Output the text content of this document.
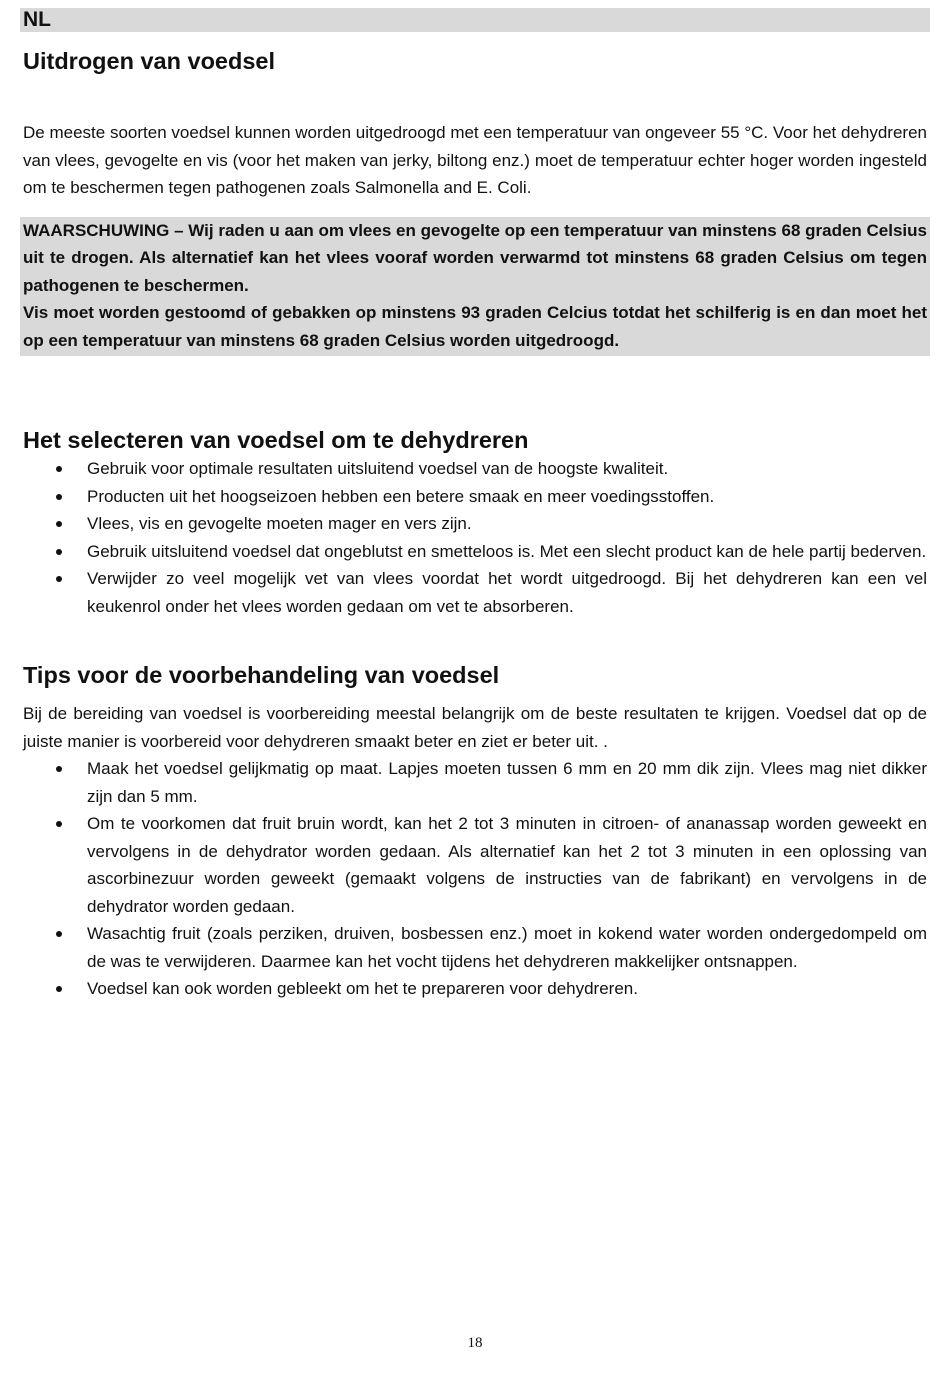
NL
Uitdrogen van voedsel
De meeste soorten voedsel kunnen worden uitgedroogd met een temperatuur van ongeveer 55 °C. Voor het dehydreren van vlees, gevogelte en vis (voor het maken van jerky, biltong enz.) moet de temperatuur echter hoger worden ingesteld om te beschermen tegen pathogenen zoals Salmonella and E. Coli.

WAARSCHUWING – Wij raden u aan om vlees en gevogelte op een temperatuur van minstens 68 graden Celsius uit te drogen. Als alternatief kan het vlees vooraf worden verwarmd tot minstens 68 graden Celsius om tegen pathogenen te beschermen.

Vis moet worden gestoomd of gebakken op minstens 93 graden Celcius totdat het schilferig is en dan moet het op een temperatuur van minstens 68 graden Celsius worden uitgedroogd.

Het selecteren van voedsel om te dehydreren
Gebruik voor optimale resultaten uitsluitend voedsel van de hoogste kwaliteit.
Producten uit het hoogseizoen hebben een betere smaak en meer voedingsstoffen.
Vlees, vis en gevogelte moeten mager en vers zijn.
Gebruik uitsluitend voedsel dat ongeblutst en smetteloos is. Met een slecht product kan de hele partij bederven.
Verwijder zo veel mogelijk vet van vlees voordat het wordt uitgedroogd. Bij het dehydreren kan een vel keukenrol onder het vlees worden gedaan om vet te absorberen.
Tips voor de voorbehandeling van voedsel
Bij de bereiding van voedsel is voorbereiding meestal belangrijk om de beste resultaten te krijgen. Voedsel dat op de juiste manier is voorbereid voor dehydreren smaakt beter en ziet er beter uit. .
Maak het voedsel gelijkmatig op maat. Lapjes moeten tussen 6 mm en 20 mm dik zijn. Vlees mag niet dikker zijn dan 5 mm.
Om te voorkomen dat fruit bruin wordt, kan het 2 tot 3 minuten in citroen- of ananassap worden geweekt en vervolgens in de dehydrator worden gedaan. Als alternatief kan het 2 tot 3 minuten in een oplossing van ascorbinezuur worden geweekt (gemaakt volgens de instructies van de fabrikant) en vervolgens in de dehydrator worden gedaan.
Wasachtig fruit (zoals perziken, druiven, bosbessen enz.) moet in kokend water worden ondergedompeld om de was te verwijderen. Daarmee kan het vocht tijdens het dehydreren makkelijker ontsnappen.
Voedsel kan ook worden gebleekt om het te prepareren voor dehydreren.
18
